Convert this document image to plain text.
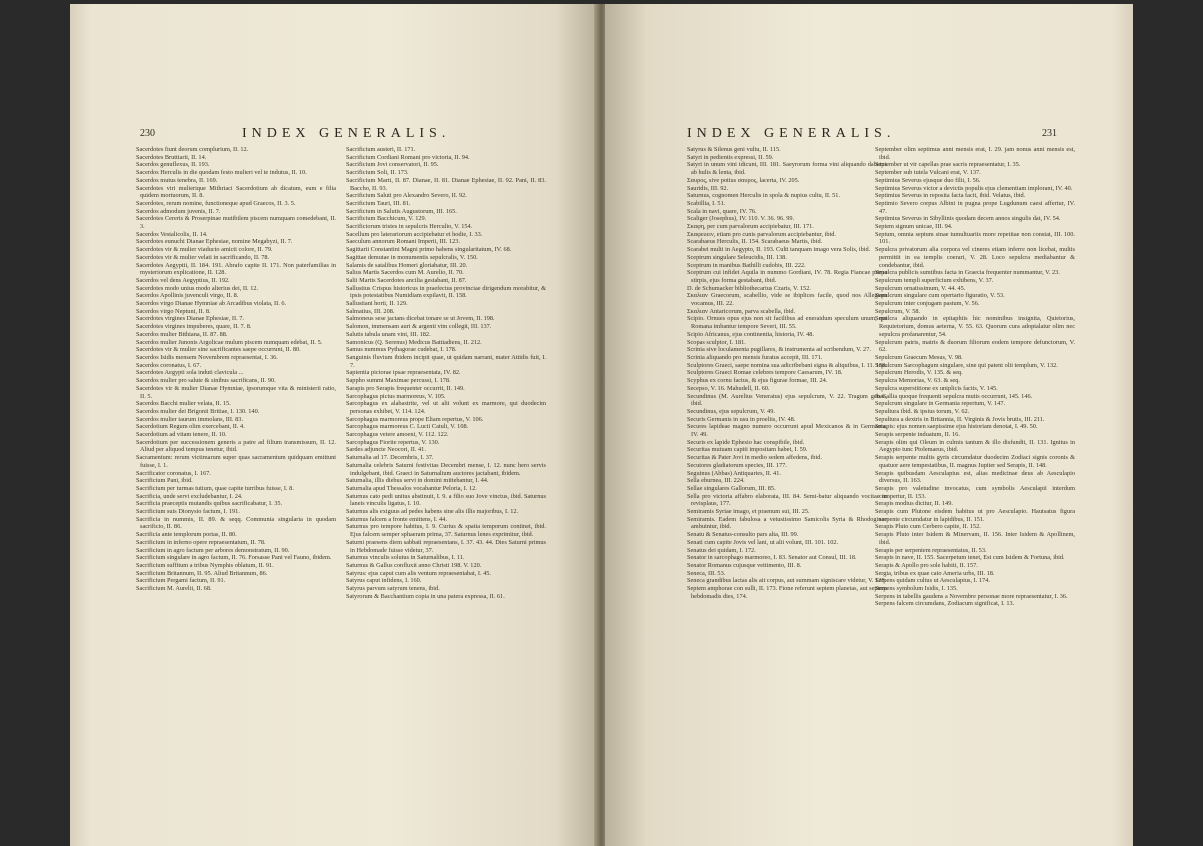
230	INDEX GENERALIS.

Sacerdotes fiunt deorum complurium, II. 12.

Sacerdotes Bruttiarii, II. 14.

Sacerdos genuflexus, II. 193.

Sacerdos Herculis in die quodam festo mulieri vel te indutus, II. 10.

Sacerdos mutus tenebra, II. 169.

Sacerdotes viri mulierique Mithriaci Sacerdotium ab dicatum, eum e filia quidem mortuorum, II. 8.

Sacerdotes, rerum nomine, functioneque apud Graecos, II. 3. 5.

Sacerdos admodum juvenis, II. 7.

Sacerdotes Cereris & Proserpinae mutibilem piscem numquam comedebant, II. 3.

Sacerdos Vestalicolis, II. 14.

Sacerdotes eunuchi Dianae Ephesiae, nomine Megabyzi, II. 7.

Sacerdotes vir & mulier viaducto amicti colore, II. 79.

Sacerdotes vir & mulier velati in sacrificando, II. 78.

Sacerdotes Aegyptii, II. 184. 191. Abrafo capite II. 171. Non paterfamilias in mysteriorum explicatione, II. 128.

Sacerdos vel dens Aegyptius, II. 192.

Sacerdotes modo unius modo alterius dei, II. 12.

Sacerdos Apollinis juvenculi virgo, II. 8.

Sacerdos virgo Dianae Hymniae ab Arcadibus violata, II. 6.

Sacerdos virgo Neptuni, II. 8.

Sacerdotes virgines Dianae Ephesiae, II. 7.

Sacerdotes virgines impuberes, quare, II. 7. 8.

Sacerdos mulier Bithiana, II. 87. 88.

Sacerdos mulier Junonis Argolicae mulum piscem numquam edebat, II. 5.

Sacerdotes vir & mulier sine sacrificantes saepe occurrunt, II. 80.

Sacerdos Isidis mensem Novembrem repraesentat, I. 36.

Sacerdos coronatus, I. 67.

Sacerdotes Aegypti sola induti clavicula ...

Sacerdos mulier pro salute & sinibus sacrificans, II. 90.

Sacerdotes vir & mulier Dianae Hymniae, ipsorumque vita & ministerii ratio, II. 5.

Sacerdos Bacchi mulier velata, II. 15.

Sacerdos mulier dei Brigonii Britiae, I. 130. 140.

Sacerdos mulier taurum immolans, III. 83.

Sacerdotium Regum olim exercebant, II. 4.

Sacerdotium ad vitam tenere, II. 10.

Sacerdotium per successionem generis a patre ad filium transmissum, II. 12. Aliud per aliquod tempus tenetur, ibid.

Sacramentum: rerum victimarum super quas sacramentum quidquam emittunt fuisse, I. 1.

Sacrificator coronatus, I. 167.

Sacrificium Pani, ibid.

Sacrificium per turmas tutium, quae capite turribus fuisse, I. 8.

Sacrificia, unde servi excludebantur, I. 24.

Sacrificia praeceptis mutandis quibus sacrificabatur, I. 35.

Sacrificium suis Dionysio factum, I. 191.

Sacrificia in nummis, II. 89. & seqq. Communia singularia in quodam sacrificio, II. 86.

Sacrificia ante templorum portas, II. 80.

Sacrificium in inferno opere repraesentatum, II. 78.

Sacrificium in agro factum per arbores demonstratum, II. 90.

Sacrificium singulare in agro factum, II. 76. Forsasse Pani vel Fauno, ibidem.

Sacrificium suffitum a tribus Nymphis oblatum, II. 91.

Sacrificium Britannum, II. 95. Aliud Britannum, 86.

Sacrificium Pergami factum, II. 91.

Sacrificium M. Aurelii, II. 68.

Sacrificium austeri, II. 171.

Sacrificium Cordiani Romani pro victoria, II. 94.

Sacrificium Jovi conservatori, II. 95.

Sacrificium Soli, II. 173.

Sacrificium Marti, II. 87. Dianae, II. 81. Dianae Ephesiae, II. 92. Pani, II. 83. Baccho, II. 93.

Sacrificium Saluti pro Alexandro Severo, II. 92.

Sacrificium Tauri, III. 81.

Sacrificium in Salutis Augustorum, III. 165.

Sacrificium Bacchicum, V. 129.

Sacrificiorum tristes in sepulcris Herculio, V. 154.

Sacellum pro laterariorum accipiebatur et hodie, I. 33.

Saeculum annorum Romani Imperii, III. 123.

Sagittarii Constantini Magni primo habens singularitatum, IV. 68.

Sagittae demutae in monumentis sepulcralis, V. 150.

Salamis de satalibus Homeri gloriabatur, III. 20.

Salius Martis Sacerdos cum M. Aurelio, II. 70.

Salii Martis Sacerdotes ancilia gestabant, II. 87.

Sallustius Crispus historicus in praefectus provinciae dirigendum morabitur, & ipsis potestatibus Numidiam expilavit, II. 158.

Sallustiani horti, II. 129.

Salmatius, III. 208.

Salmoneus sese jactans dicebat tonare se ut Jovem, II. 198.

Salomon, immensam auri & argenti vim collegit, III. 137.

Salutis tabula unam vini, III. 182.

Samonicus (Q. Serenus) Medicus Battiadiens, II. 212.

Samus nummus Pythagorae cudebat, I. 178.

Sanguinis fluvium ibidem incipit quae, ut quidam narrant, mater Attidis fuit, I. 7.

Sapientia pictorae ipsae repraesentata, IV. 82.

Sappho summi Maximae percussi, I. 178.

Sarapis pro Serapis frequenter occurrit, II. 149.

Sarcophagus pictus marmoreus, V. 105.

Sarcophagus ex alabastrite, vel ut alii volunt ex marmore, qui duodecim personas exhibet, V. 114. 124.

Sarcophagus marmoreus prope Eliam repertus, V. 106.

Sarcophagus marmoreus C. Lucii Catuli, V. 108.

Sarcophagus vetere amoeni, V. 112. 122.

Sarcophagus Fiorite repertus, V. 130.

Sardes adjuncte Neocori, II. 41.

Saturnalia ad 17. Decembris, I. 37.

Saturnalia celebris Saturni festivitas Decembri mense, I. 12. nunc hero servis indulgebant, ibid. Graeci in Saturnalium auctores jactabant, ibidem.

Saturnalia, illis diebus servi in domini mittebantur, I. 44.

Saturnalia apud Thessalos vocabantur Peloria, I. 12.

Saturnus cato pedi unitus abstinuit, I. 9. a filio suo Jove vinctus, ibid. Saturnus laneis vinculis ligatus, I. 10.

Saturnus alis exiguus ad pedes habens sine alis illis majoribus, I. 12.

Saturnus falcem a fronte emittens, I. 44.

Saturnus pro tempore habitus, I. 9. Curius & spatia temporum continet, ibid. Ejus falcem semper sphaeram prima, 37. Saturnus lenes exprimitur, ibid.

Saturni praesens diem sabbati repraesentans, I. 37. 43. 44. Dies Saturni primus in Hebdomade fuisse videtur, 37.

Saturnus vinculis solutus in Saturnalibus, I. 11.

Saturnus & Gallus confluxit anno Christi 198. V. 120.

Satyrus: ejus caput cum alis ventum repraesentabat, I. 45.

Satyrus caput infidens, I. 160.

Satyrus parvum satyrum tenens, ibid.

Satyrorum & Bacchantium copia in una patera expressa, II. 61.

INDEX GENERALIS.	231

Satyrus & Silenus geni vultu, II. 115.

Satyri in pedientis expressi, II. 59.

Satyri in unum vini idicunt, III. 181. Saeyrorum forma vini aliquando dabetus ab hulis & lenta, ibid.

Σαυρος, sive potius σαυρος, lacerta, IV. 205.

Sauridis, III. 92.

Saturnus, cognomen Herculis in spola & nupius cultu, II. 51.

Scabillia, I. 51.

Scala in navi, quare, IV. 76.

Scaliger (Josephus), IV. 110. V. 36. 96. 99.

Σκαφη, per cum parvalorum accipiebatur, III. 171.

Σκαφευειν, etiam pro cunis parvalorum accipiebantur, ibid.

Scarabaeus Herculis, II. 154. Scarabaeus Martis, ibid.

Scarabei multi in Aegypto, II. 193. Culti tanquam imago vera Solis, ibid.

Sceptrum singulare Seleucidis, III. 138.

Sceptrum in manibus Bathilli cudobis, III. 222.

Sceptrum cui infidet Aquila in nummo Gordiani, IV. 78. Regia Fiancae prima stirpis, ejus forma gestabant, ibid.

D. de Schumacker bibliothecarius Czaris, V. 152.

Σκαλιαν Graecorum, scabellio, vide se ibiplices facile, quod nos Allegiam vocamus, III. 22.

Σκαλιαν Antaricorum, parva scabella, ibid.

Scipio. Ornues opus ejus non sit facilibus ad eneraidum speculum unum, qui Romana imbantur tempore Severi, III. 55.

Scipio Africanus, ejus continentia, historia, IV. 48.

Scopas sculptor, I. 181.

Scrinia sive loculamenta pugillares, & instrumenta ad scribendum, V. 27.

Scrinia aliquando pro mensis furatus accepit, III. 171.

Sculptores Graeci, saepe nomina sua adicribebant signa & aliquibus, I. 11. 158.

Sculptores Graeci Romae celebres tempore Caesarum, IV. 18.

Scyphus ex cornu factus, & ejus figurae formae, III. 24.

Secepso, V. 16. Mahudell, II. 60.

Secundinus (M. Aurelius Veneratus) ejus sepulcrum, V. 22. Tragum gebae, ibid.

Secundinus, ejus sepulcrum, V. 49.

Securis Germanis in usu in proeliis, IV. 48.

Secures lapideae magno numero occurrunt apud Mexicanos & in Germania, IV. 49.

Securis ex lapide Ephesio hac conspibile, ibid.

Securitas mutuam capiti impositam habet, I. 59.

Securitas & Pater Jovi in medio sedem affedens, ibid.

Secutores gladiatorum species, III. 177.

Seguinus (Abbas) Antiquaries, II. 41.

Sella eburnea, III. 224.

Sellae singulares Gallorum, III. 85.

Sella pro victoria affabro elaborata, III. 84. Semi-batur aliquando vocitae in revisplaus, 177.

Semiramis Syriae imago, et praenum sui, III. 25.

Semiramis. Eadem fabulosa a vetustissimo Samicolis Syria & Rhodoginae ambuintur, ibid.

Senatu & Senatus-consulto pars alta, III. 99.

Senati cum capite Jovis vel lani, ut alii volunt, III. 101. 102.

Senatus dei quidam, I. 172.

Senator in sarcophago marmoreo, I. 83. Senator aut Consul, III. 18.

Senator Romanus cujusque vettimento, III. 8.

Seneca, III. 53.

Seneca grandibus lactas alis ait corpus, aut summam signiscare videtur, V. 128.

Septem amphorae con sulli, II. 173. Fione referunt septem planetas, aut septem hebdomadis dies, 174.

September olim septimus anni mensis erat, I. 29. jam nonus anni mensis est, ibid.

September ut vir capellas prae sacris repraesentatur, I. 35.

September sub tutela Vulcani erat, V. 137.

Septimius Severus ejusque duo filii, I. 56.

Septimius Severus victor a devictis populis ejus clementiam implorant, IV. 40.

Septimius Severus in reposita facta facit, ibid. Velatus, ibid.

Septimio Severo corpus Albini in pugna prope Lugdunum caesi affertur, IV. 47.

Septimius Severus in Sibyllinis quodam decem annos singulis dat, IV. 54.

Septem signum unicae, III. 94.

Septum, omnia septum sinae tumultuariis more repetitae non constat, III. 100. 101.

Sepulcra privatorum alia corpora vel cineres etiam inferre non licebat, multis permittit in ea templis coerari, V. 28. Loco sepulcra mediabantur & condebantur, ibid.

Sepulcra publicis sumtibus facta in Graecia frequenter nummantur, V. 23.

Sepulcrum templi superficium exhibens, V. 37.

Sepulcrum ornatissimum, V. 44. 45.

Sepulcrum singulare cum opertario figuratio, V. 53.

Sepulcrum inter conjugam pastum, V. 56.

Sepulcrum, V. 58.

Sepulcra aliquando in epitaphiis hic nominibus insignita, Quietorius, Requietorium, domus aeterna, V. 55. 63. Quorum cura adoptalatur olim nec sepulcra profanarentur, 54.

Sepulcrum patris, matris & duorum filiorum eodem tempore defunctorum, V. 62.

Sepulcrum Graecum Mesus, V. 98.

Sepulcrum Sarcophagum singulare, sine qui patent olii templum, V. 132.

Sepulcrum Herodis, V. 135. & seq.

Sepulcra Memorias, V. 63. & seq.

Sepulcra superstitione ex uniplicis factis, V. 145.

In Gallia quoque frequenti sepulcra mutis occurrunt, 145. 146.

Sepulcrum singulare in Germania repertum, V. 147.

Sepultura ibid. & ipsius torum, V. 62.

Sepultura a dextris in Britannia, II. Virginis & Jovis brutis, III. 211.

Serapis: ejus nomen saepissime ejus historiam denotat, I. 49. 50.

Serapis serpente induatum, II. 16.

Serapis olim qui Oleum in culmis tantum & illo disfundit, II. 131. Ignitus in Aegypto tunc Ptolemaeus, ibid.

Serapis serpente multis gyris circumdatur duodecim Zodiaci signis coronis & quatuor aere tempestatibus, II. magnus Jupiter sed Serapis, II. 148.

Serapis quibusdam Aesculapius est, alias medicinae deus ab Aesculapio diversus, II. 163.

Serapis pro valetudine invocatus, cum symbolis Aesculapii interdum compertur, II. 153.

Serapis modius dicitur, II. 149.

Serapis cum Plutone eisdem habitus ut pro Aesculapio. Hautsatus figura serpente circumdatur in lapidibus, II. 151.

Serapis Pluto cum Cerbero capite, II. 152.

Serapis Pluto inter Isidem & Minervam, II. 156. Inter Isidem & Apollinem, ibid.

Serapis per serpentem repraesentatus, II. 53.

Serapis in nave, II. 155. Sacerpetum tenet, Est cum Isidem & Fortuna, ibid.

Serapis & Apollo pro sole habiti, II. 157.

Sergia, tribus ex quae cato Ameria urbs, III. 18.

Serpens quidam cultus ut Aesculapius, I. 174.

Serpens symbolum Isidis, I. 135.

Serpens in tabellis gaudens a Novembre personae more repraesentatur, I. 36.

Serpens falcem circumdans, Zodiacum significat, I. 13.
